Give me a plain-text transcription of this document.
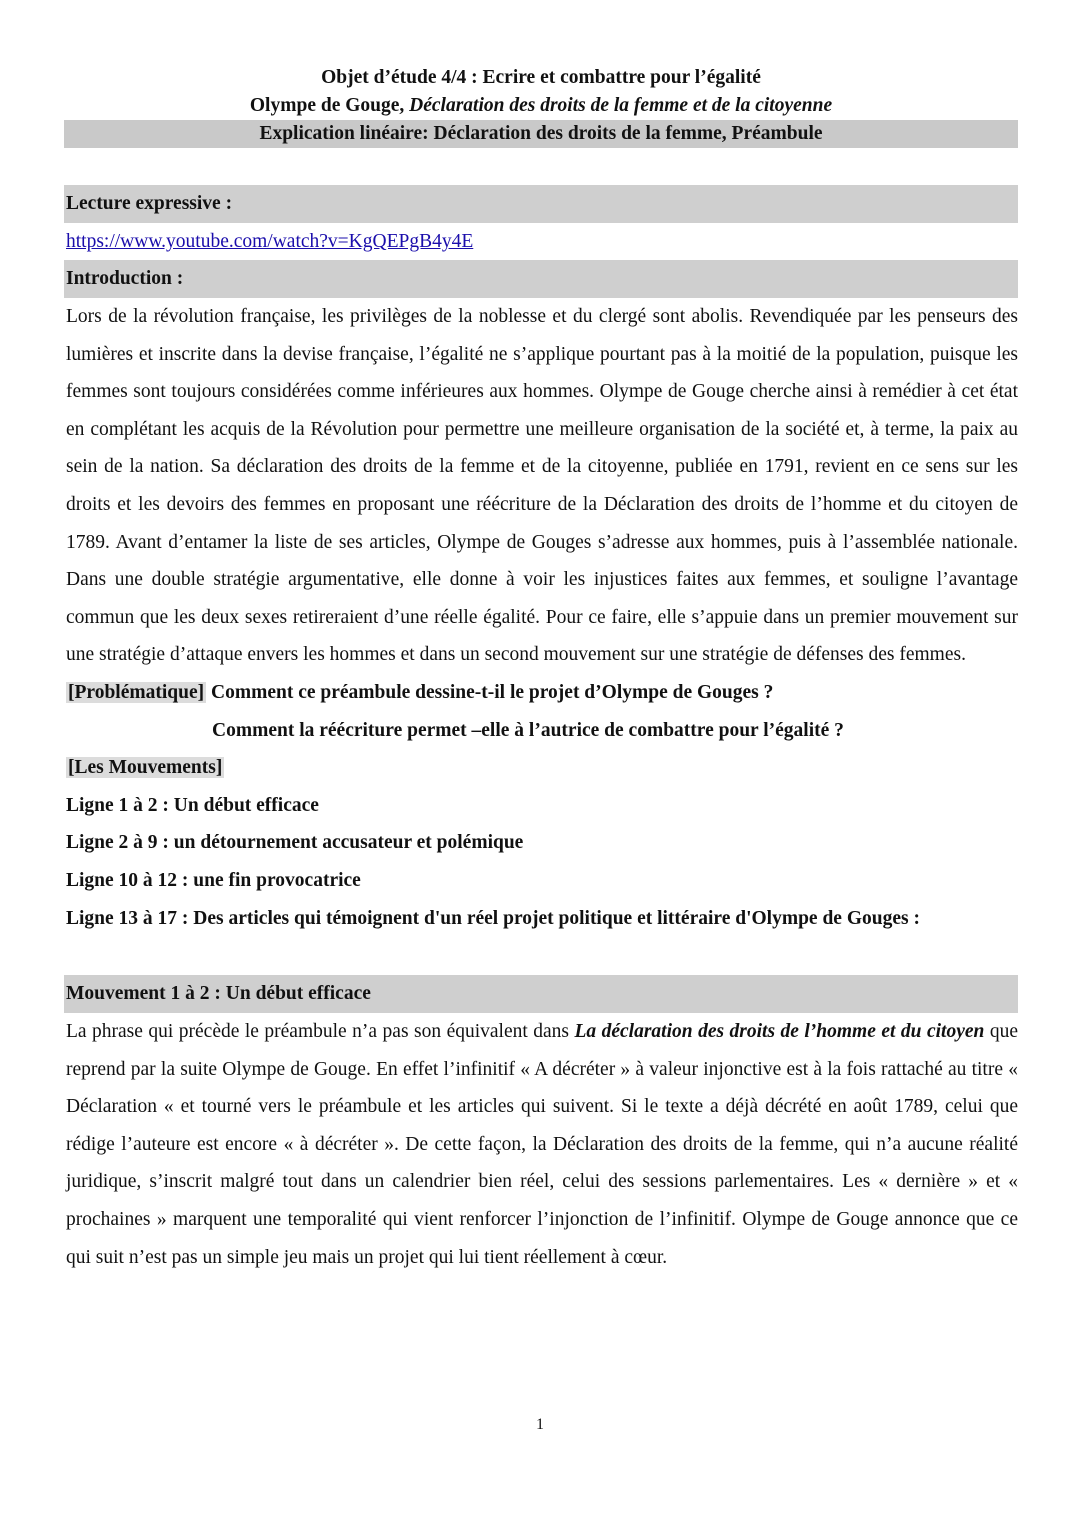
Objet d’étude 4/4 : Ecrire et combattre pour l’égalité
Olympe de Gouge, Déclaration des droits de la femme et de la citoyenne
Explication linéaire: Déclaration des droits de la femme, Préambule
Lecture expressive :
https://www.youtube.com/watch?v=KgQEPgB4y4E
Introduction :
Lors de la révolution française, les privilèges de la noblesse et du clergé sont abolis. Revendiquée par les penseurs des lumières et inscrite dans la devise française, l’égalité ne s’applique pourtant pas à la moitié de la population, puisque les femmes sont toujours considérées comme inférieures aux hommes. Olympe de Gouge cherche ainsi à remédier à cet état en complétant les acquis de la Révolution pour permettre une meilleure organisation de la société et, à terme, la paix au sein de la nation. Sa déclaration des droits de la femme et de la citoyenne, publiée en 1791, revient en ce sens sur les droits et les devoirs des femmes en proposant une réécriture de la Déclaration des droits de l’homme et du citoyen de 1789. Avant d’entamer la liste de ses articles, Olympe de Gouges s’adresse aux hommes, puis à l’assemblée nationale. Dans une double stratégie argumentative, elle donne à voir les injustices faites aux femmes, et souligne l’avantage commun que les deux sexes retireraient d’une réelle égalité. Pour ce faire, elle s’appuie dans un premier mouvement sur une stratégie d’attaque envers les hommes et dans un second mouvement sur une stratégie de défenses des femmes.
[Problématique] Comment ce préambule dessine-t-il le projet d’Olympe de Gouges ?
Comment la réécriture permet –elle à l’autrice de combattre pour l’égalité ?
[Les Mouvements]
Ligne 1 à 2 : Un début efficace
Ligne 2 à 9 : un détournement accusateur et polémique
Ligne 10 à 12 : une fin provocatrice
Ligne 13 à 17 : Des articles qui témoignent d'un réel projet politique et littéraire d'Olympe de Gouges :
Mouvement 1 à 2 : Un début efficace
La phrase qui précède le préambule n’a pas son équivalent dans La déclaration des droits de l’homme et du citoyen que reprend par la suite Olympe de Gouge. En effet l’infinitif « A décréter » à valeur injonctive est à la fois rattaché au titre « Déclaration « et tourné vers le préambule et les articles qui suivent. Si le texte a déjà décrété en août 1789, celui que rédige l’auteure est encore « à décréter ». De cette façon, la Déclaration des droits de la femme, qui n’a aucune réalité juridique, s’inscrit malgré tout dans un calendrier bien réel, celui des sessions parlementaires. Les « dernière » et « prochaines » marquent une temporalité qui vient renforcer l’injonction de l’infinitif. Olympe de Gouge annonce que ce qui suit n’est pas un simple jeu mais un projet qui lui tient réellement à cœur.
1
